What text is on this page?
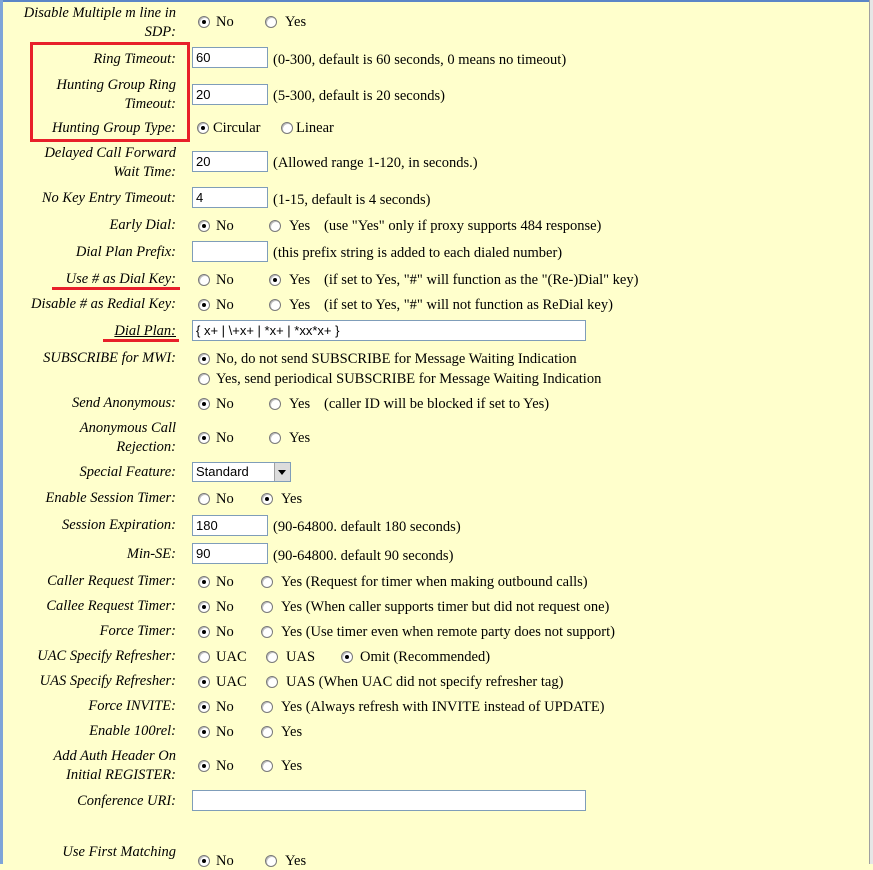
Disable Multiple m line in
SDP:
No	Yes
Ring Timeout:	60	(0-300, default is 60 seconds, 0 means no timeout)
Hunting Group Ring
Timeout:
20	(5-300, default is 20 seconds)
Hunting Group Type:	Circular Linear
Delayed Call Forward
Wait Time:
20	(Allowed range 1-120, in seconds.)
No Key Entry Timeout:	4	(1-15, default is 4 seconds)
Early Dial:	No	Yes (use "Yes" only if proxy supports 484 response)
Dial Plan Prefix:	(this prefix string is added to each dialed number)
Use # as Dial Key:	No	Yes (if set to Yes, "#" will function as the "(Re-)Dial" key)
Disable # as Redial Key:	No	Yes (if set to Yes, "#" will not function as ReDial key)
Dial Plan:	{ x+ | \+x+ | *x+ | *xx*x+ }
SUBSCRIBE for MWI:	No, do not send SUBSCRIBE for Message Waiting Indication
Yes, send periodical SUBSCRIBE for Message Waiting Indication
Send Anonymous:	No	Yes (caller ID will be blocked if set to Yes)
Anonymous Call
Rejection:
No	Yes
Special Feature:	Standard
Enable Session Timer:	No	Yes
Session Expiration:	180	(90-64800. default 180 seconds)
Min-SE:	90	(90-64800. default 90 seconds)
Caller Request Timer:	No	Yes (Request for timer when making outbound calls)
Callee Request Timer:	No	Yes (When caller supports timer but did not request one)
Force Timer:	No	Yes (Use timer even when remote party does not support)
UAC Specify Refresher:	UAC	UAS	Omit (Recommended)
UAS Specify Refresher:	UAC	UAS (When UAC did not specify refresher tag)
Force INVITE:	No	Yes (Always refresh with INVITE instead of UPDATE)
Enable 100rel:	No	Yes
Add Auth Header On
Initial REGISTER:
No	Yes
Conference URI:
Use First Matching
No	Yes
